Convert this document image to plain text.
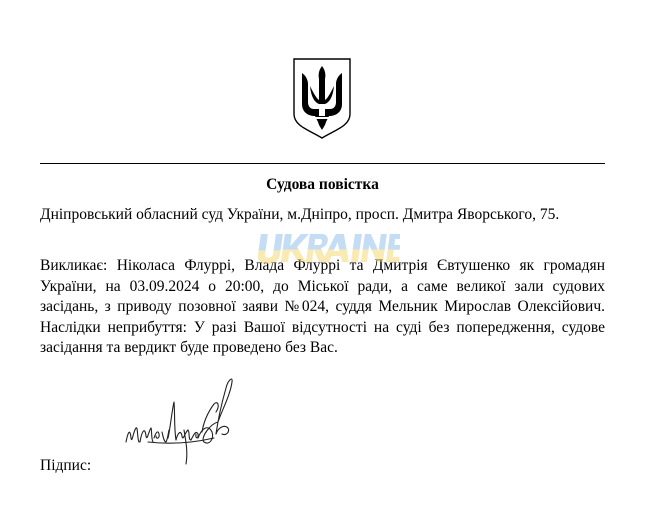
Судова повістка

Дніпровський обласний суд України, м.Дніпро, просп. Дмитра Яворського, 75.

Викликає: Ніколаса Флуррі, Влада Флуррі та Дмитрія Євтушенко як громадян України, на 03.09.2024 о 20:00, до Міської ради, а саме великої зали судових засідань, з приводу позовної заяви №024, суддя Мельник Мирослав Олексійович. Наслідки неприбуття: У разі Вашої відсутності на суді без попередження, судове засідання та вердикт буде проведено без Вас.

Підпис:
